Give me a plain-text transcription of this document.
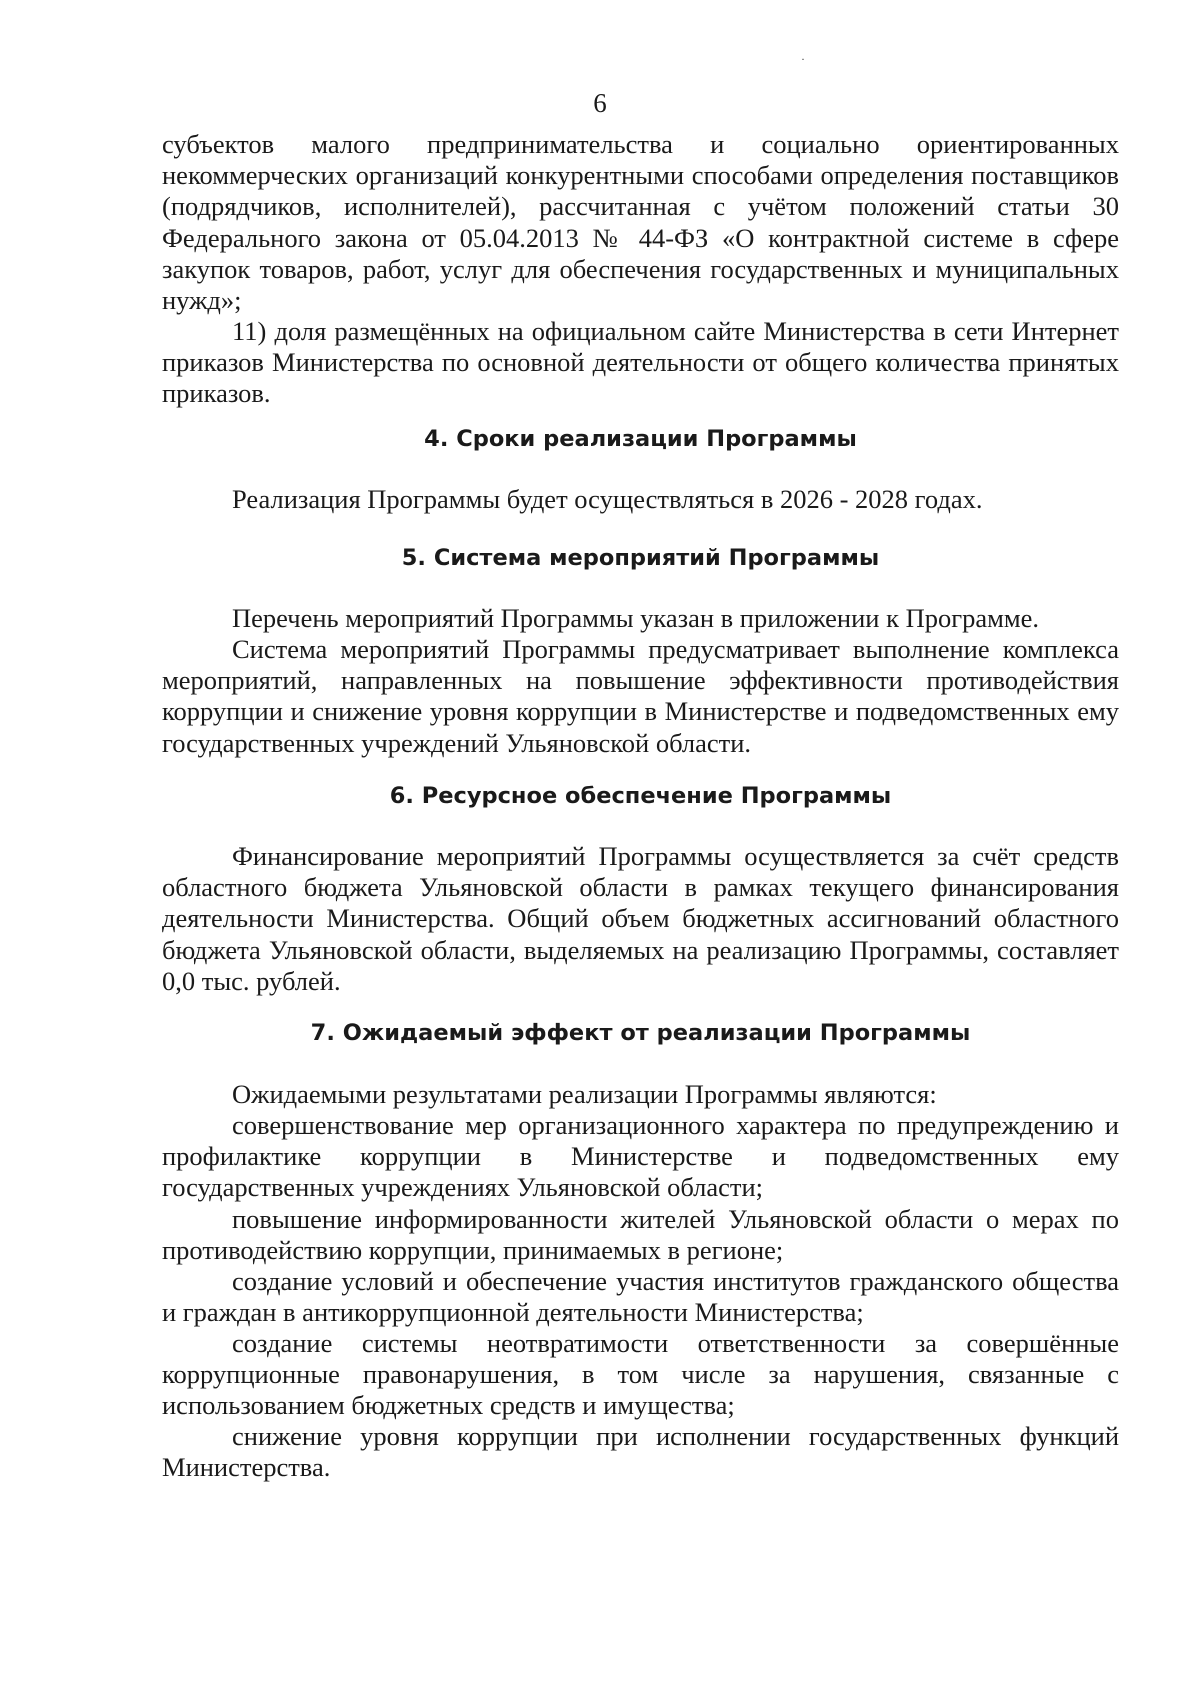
·
6
субъектов малого предпринимательства и социально ориентированных некоммерческих организаций конкурентными способами определения поставщиков (подрядчиков, исполнителей), рассчитанная с учётом положений статьи 30 Федерального закона от 05.04.2013 № 44-ФЗ «О контрактной системе в сфере закупок товаров, работ, услуг для обеспечения государственных и муниципальных нужд»;
11) доля размещённых на официальном сайте Министерства в сети Интернет приказов Министерства по основной деятельности от общего количества принятых приказов.
4. Сроки реализации Программы
Реализация Программы будет осуществляться в 2026 - 2028 годах.
5. Система мероприятий Программы
Перечень мероприятий Программы указан в приложении к Программе.
Система мероприятий Программы предусматривает выполнение комплекса мероприятий, направленных на повышение эффективности противодействия коррупции и снижение уровня коррупции в Министерстве и подведомственных ему государственных учреждений Ульяновской области.
6. Ресурсное обеспечение Программы
Финансирование мероприятий Программы осуществляется за счёт средств областного бюджета Ульяновской области в рамках текущего финансирования деятельности Министерства. Общий объем бюджетных ассигнований областного бюджета Ульяновской области, выделяемых на реализацию Программы, составляет 0,0 тыс. рублей.
7. Ожидаемый эффект от реализации Программы
Ожидаемыми результатами реализации Программы являются:
совершенствование мер организационного характера по предупреждению и профилактике коррупции в Министерстве и подведомственных ему государственных учреждениях Ульяновской области;
повышение информированности жителей Ульяновской области о мерах по противодействию коррупции, принимаемых в регионе;
создание условий и обеспечение участия институтов гражданского общества и граждан в антикоррупционной деятельности Министерства;
создание системы неотвратимости ответственности за совершённые коррупционные правонарушения, в том числе за нарушения, связанные с использованием бюджетных средств и имущества;
снижение уровня коррупции при исполнении государственных функций Министерства.
